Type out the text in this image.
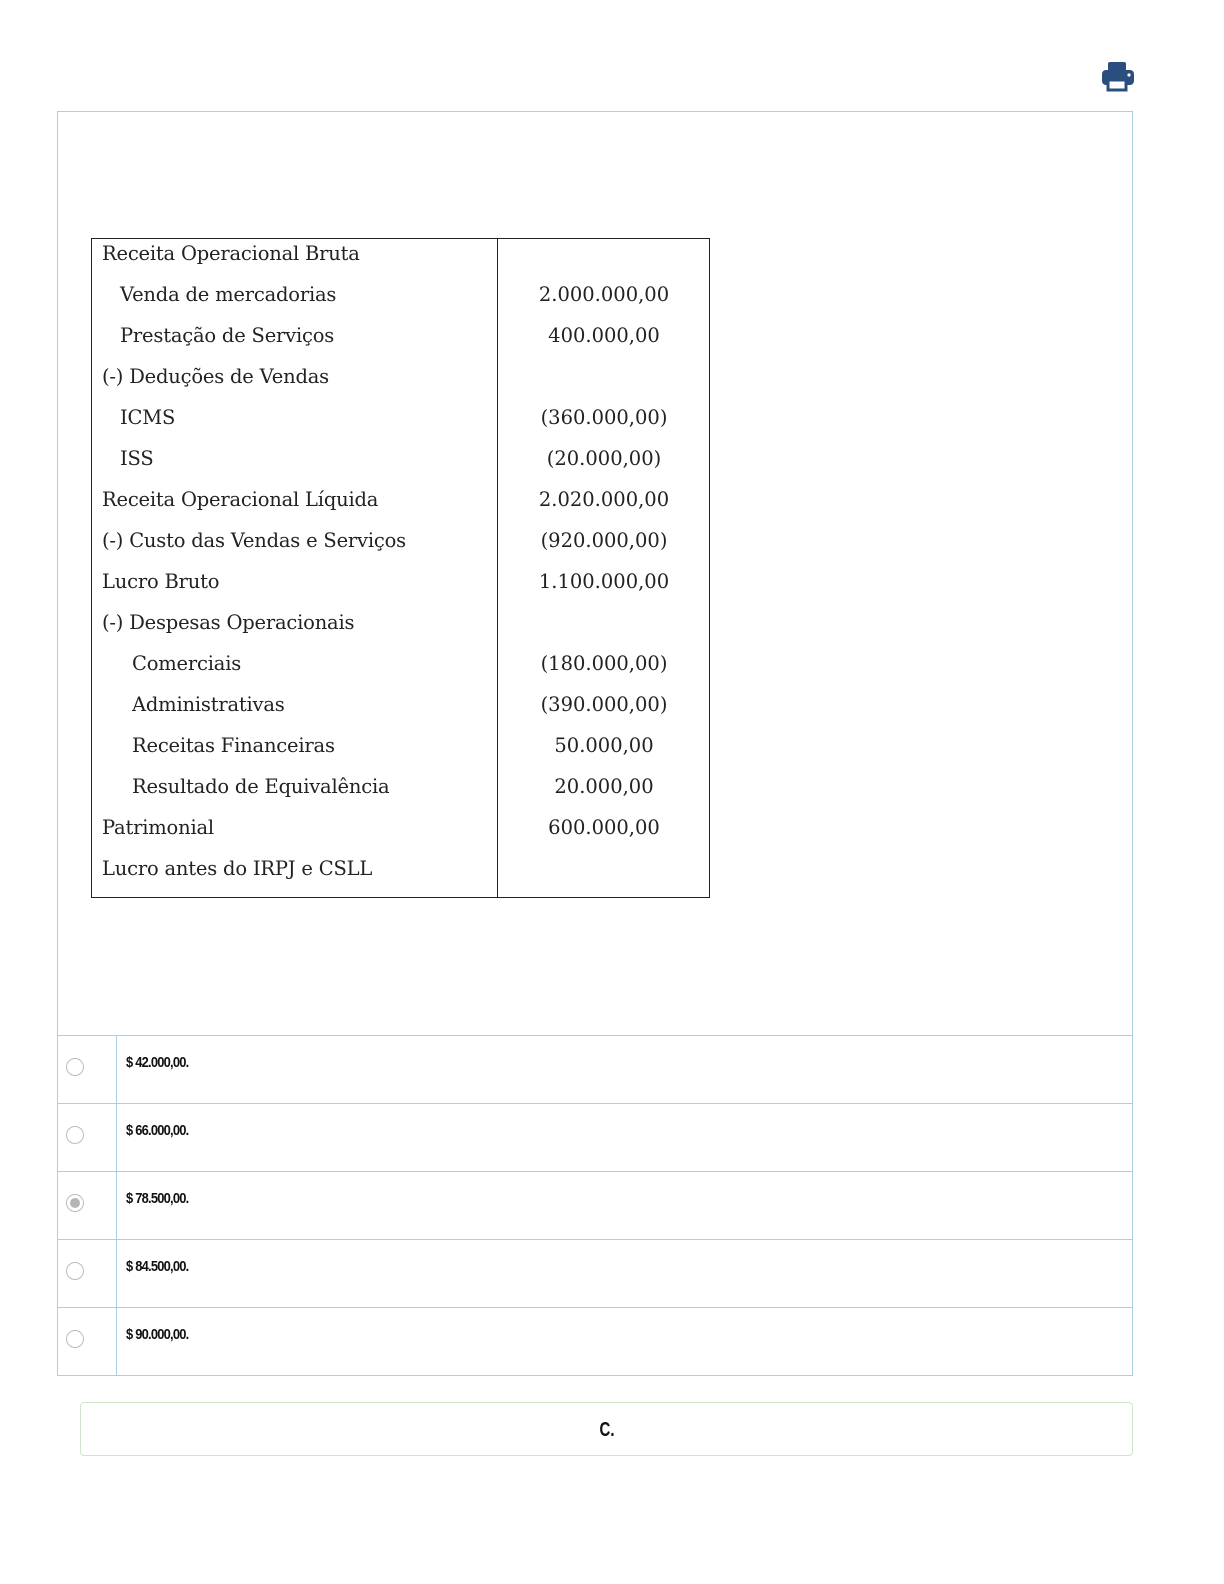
Receita Operacional Bruta
Venda de mercadorias	2.000.000,00
Prestação de Serviços	400.000,00
(-) Deduções de Vendas
ICMS	(360.000,00)
ISS	(20.000,00)
Receita Operacional Líquida	2.020.000,00
(-) Custo das Vendas e Serviços	(920.000,00)
Lucro Bruto	1.100.000,00
(-) Despesas Operacionais
Comerciais	(180.000,00)
Administrativas	(390.000,00)
Receitas Financeiras	50.000,00
Resultado de Equivalência	20.000,00
Patrimonial	600.000,00
Lucro antes do IRPJ e CSLL
$ 42.000,00.
$ 66.000,00.
$ 78.500,00.
$ 84.500,00.
$ 90.000,00.
C.
